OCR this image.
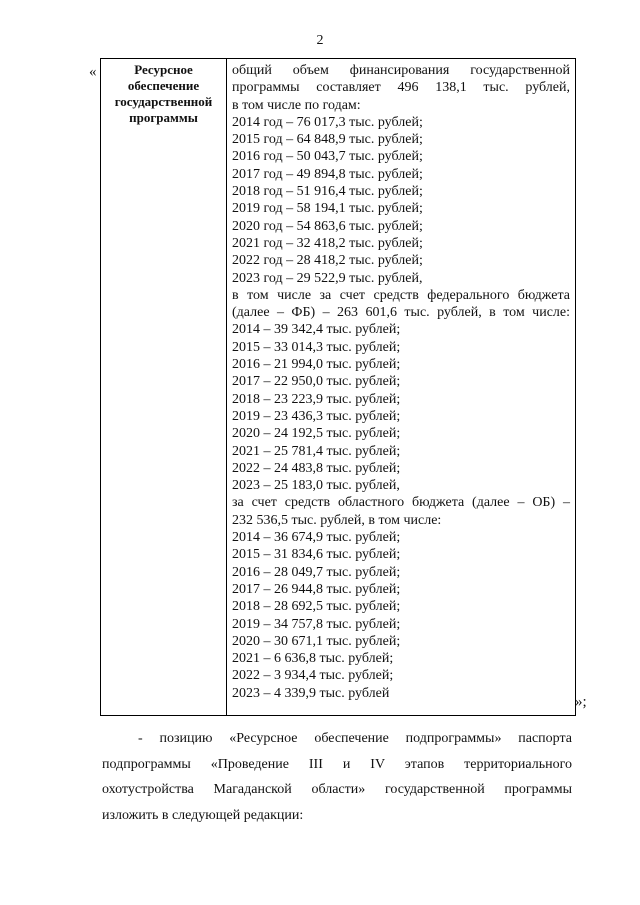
2
«	Ресурсное обеспечение государственной программы

общий объем финансирования государственной
программы составляет 496 138,1 тыс. рублей,
в том числе по годам:
2014 год – 76 017,3 тыс. рублей;
2015 год – 64 848,9 тыс. рублей;
2016 год – 50 043,7 тыс. рублей;
2017 год – 49 894,8 тыс. рублей;
2018 год – 51 916,4 тыс. рублей;
2019 год – 58 194,1 тыс. рублей;
2020 год – 54 863,6 тыс. рублей;
2021 год – 32 418,2 тыс. рублей;
2022 год – 28 418,2 тыс. рублей;
2023 год – 29 522,9 тыс. рублей,
в том числе за счет средств федерального бюджета
(далее – ФБ) – 263 601,6 тыс. рублей, в том числе:
2014 – 39 342,4 тыс. рублей;
2015 – 33 014,3 тыс. рублей;
2016 – 21 994,0 тыс. рублей;
2017 – 22 950,0 тыс. рублей;
2018 – 23 223,9 тыс. рублей;
2019 – 23 436,3 тыс. рублей;
2020 – 24 192,5 тыс. рублей;
2021 – 25 781,4 тыс. рублей;
2022 – 24 483,8 тыс. рублей;
2023 – 25 183,0 тыс. рублей,
за счет средств областного бюджета (далее – ОБ) –
232 536,5 тыс. рублей, в том числе:
2014 – 36 674,9 тыс. рублей;
2015 – 31 834,6 тыс. рублей;
2016 – 28 049,7 тыс. рублей;
2017 – 26 944,8 тыс. рублей;
2018 – 28 692,5 тыс. рублей;
2019 – 34 757,8 тыс. рублей;
2020 – 30 671,1 тыс. рублей;
2021 – 6 636,8 тыс. рублей;
2022 – 3 934,4 тыс. рублей;
2023 – 4 339,9 тыс. рублей
»;
- позицию «Ресурсное обеспечение подпрограммы» паспорта
подпрограммы «Проведение III и IV этапов территориального
охотустройства Магаданской области» государственной программы
изложить в следующей редакции:
